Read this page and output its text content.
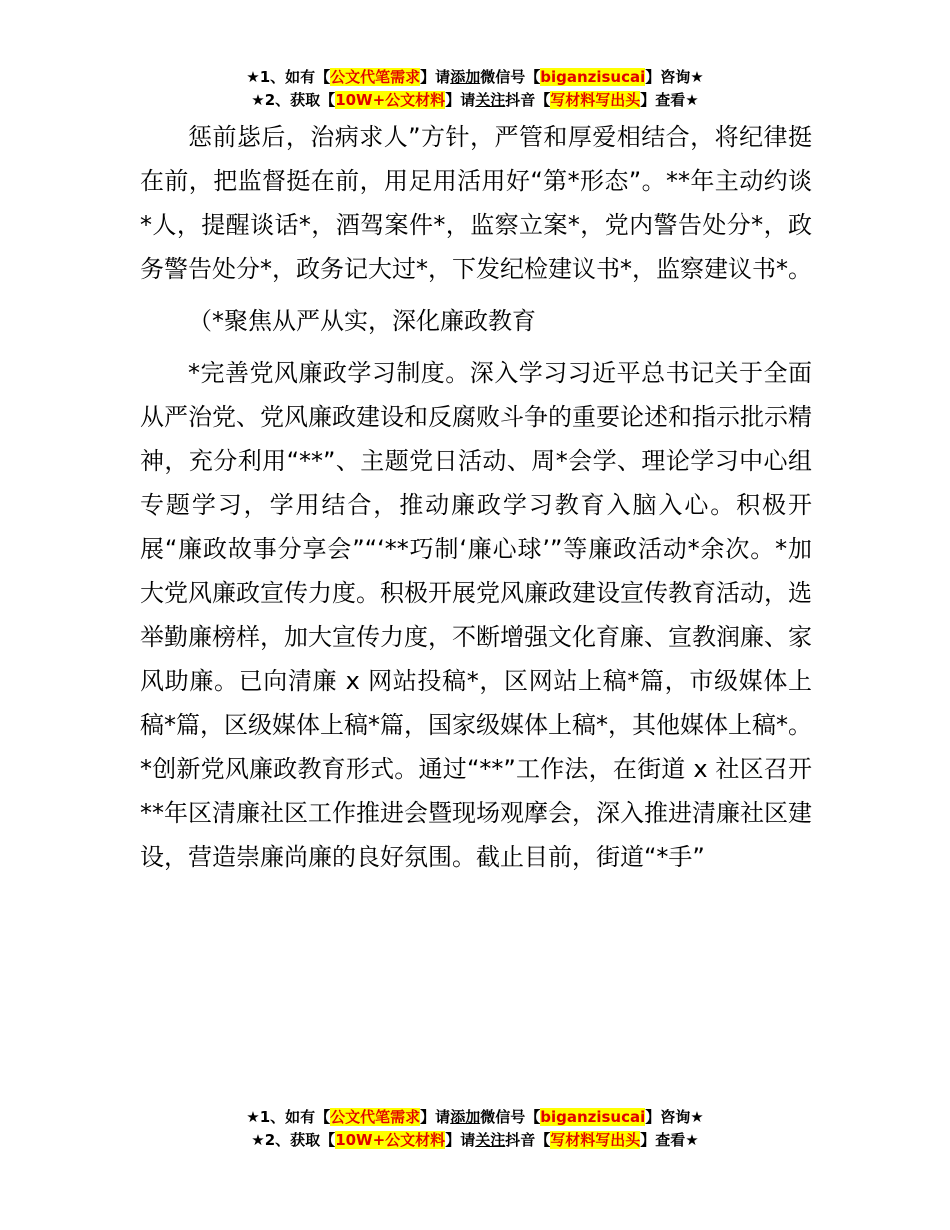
★1、如有【公文代笔需求】请添加微信号【biganzisucai】咨询★
★2、获取【10W+公文材料】请关注抖音【写材料写出头】查看★

惩前毖后，治病求人”方针，严管和厚爱相结合，将纪律挺在前，把监督挺在前，用足用活用好“第*形态”。**年主动约谈*人，提醒谈话*，酒驾案件*，监察立案*，党内警告处分*，政务警告处分*，政务记大过*，下发纪检建议书*，监察建议书*。

（*聚焦从严从实，深化廉政教育

*完善党风廉政学习制度。深入学习习近平总书记关于全面从严治党、党风廉政建设和反腐败斗争的重要论述和指示批示精神，充分利用“**”、主题党日活动、周*会学、理论学习中心组专题学习，学用结合，推动廉政学习教育入脑入心。积极开展“廉政故事分享会”“‘**巧制‘廉心球’”等廉政活动*余次。*加大党风廉政宣传力度。积极开展党风廉政建设宣传教育活动，选举勤廉榜样，加大宣传力度，不断增强文化育廉、宣教润廉、家风助廉。已向清廉 x 网站投稿*，区网站上稿*篇，市级媒体上稿*篇，区级媒体上稿*篇，国家级媒体上稿*，其他媒体上稿*。*创新党风廉政教育形式。通过“**”工作法，在街道 x 社区召开**年区清廉社区工作推进会暨现场观摩会，深入推进清廉社区建设，营造崇廉尚廉的良好氛围。截止目前，街道“*手”

★1、如有【公文代笔需求】请添加微信号【biganzisucai】咨询★
★2、获取【10W+公文材料】请关注抖音【写材料写出头】查看★
